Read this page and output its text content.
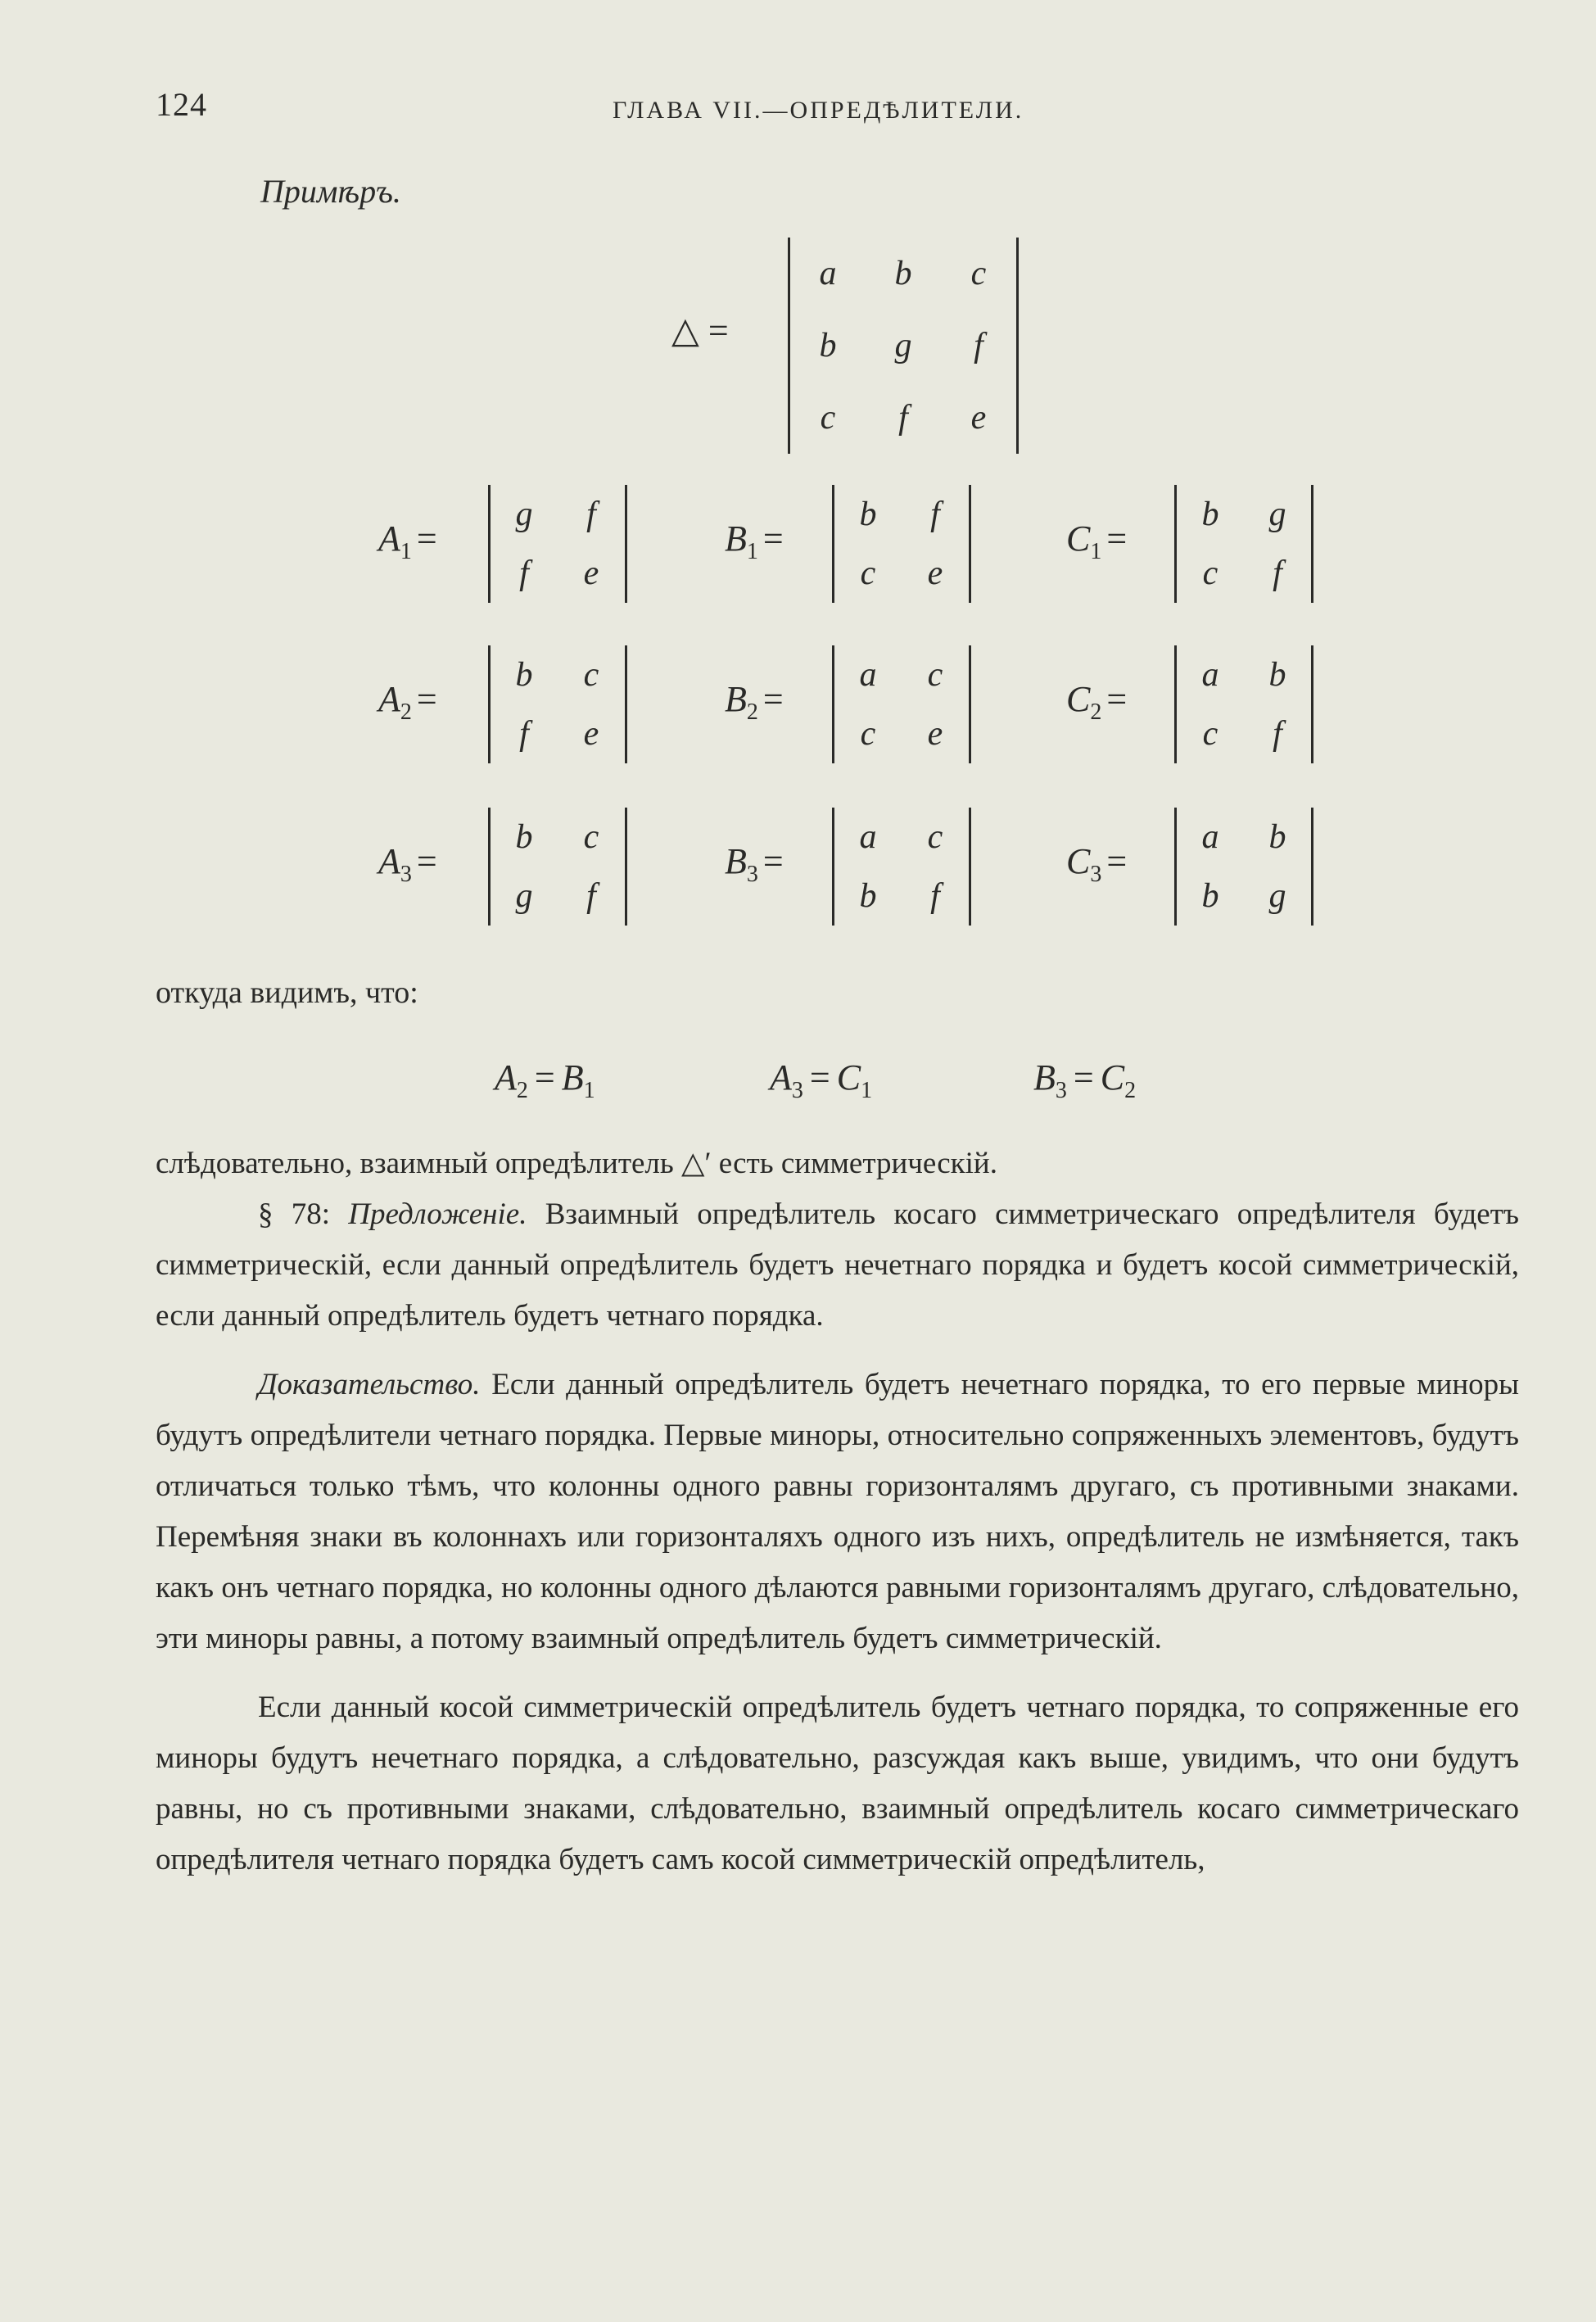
124	ГЛАВА VII.—ОПРЕДѢЛИТЕЛИ.
Примѣръ.
△ =
a	b	c
b	g	f
c	f	e
$A_1$ =
g	f
f	e
$B_1$ =
b	f
c	e
$C_1$ =
b	g
c	f
$A_2$ =
b	c
f	e
$B_2$ =
a	c
c	e
$C_2$ =
a	b
c	f
$A_3$ =
b	c
g	f
$B_3$ =
a	c
b	f
$C_3$ =
a	b
b	g
откуда видимъ, что:
$A_2 = B_1$	$A_3 = C_1$	$B_3 = C_2$

слѣдовательно, взаимный опредѣлитель △′ есть симметрическій.

§ 78: Предложеніе. Взаимный опредѣлитель косаго симметрическаго опредѣлителя будетъ симметрическій, если данный опредѣлитель будетъ нечетнаго порядка и будетъ косой симметрическій, если данный опредѣлитель будетъ четнаго порядка.

Доказательство. Если данный опредѣлитель будетъ нечетнаго порядка, то его первые миноры будутъ опредѣлители четнаго порядка. Первые миноры, относительно сопряженныхъ элементовъ, будутъ отличаться только тѣмъ, что колонны одного равны горизонталямъ другаго, съ противными знаками. Перемѣняя знаки въ колоннахъ или горизонталяхъ одного изъ нихъ, опредѣлитель не измѣняется, такъ какъ онъ четнаго порядка, но колонны одного дѣлаются равными горизонталямъ другаго, слѣдовательно, эти миноры равны, а потому взаимный опредѣлитель будетъ симметрическій.

Если данный косой симметрическій опредѣлитель будетъ четнаго порядка, то сопряженные его миноры будутъ нечетнаго порядка, а слѣдовательно, разсуждая какъ выше, увидимъ, что они будутъ равны, но съ противными знаками, слѣдовательно, взаимный опредѣлитель косаго симметрическаго опредѣлителя четнаго порядка будетъ самъ косой симметрическій опредѣлитель,
